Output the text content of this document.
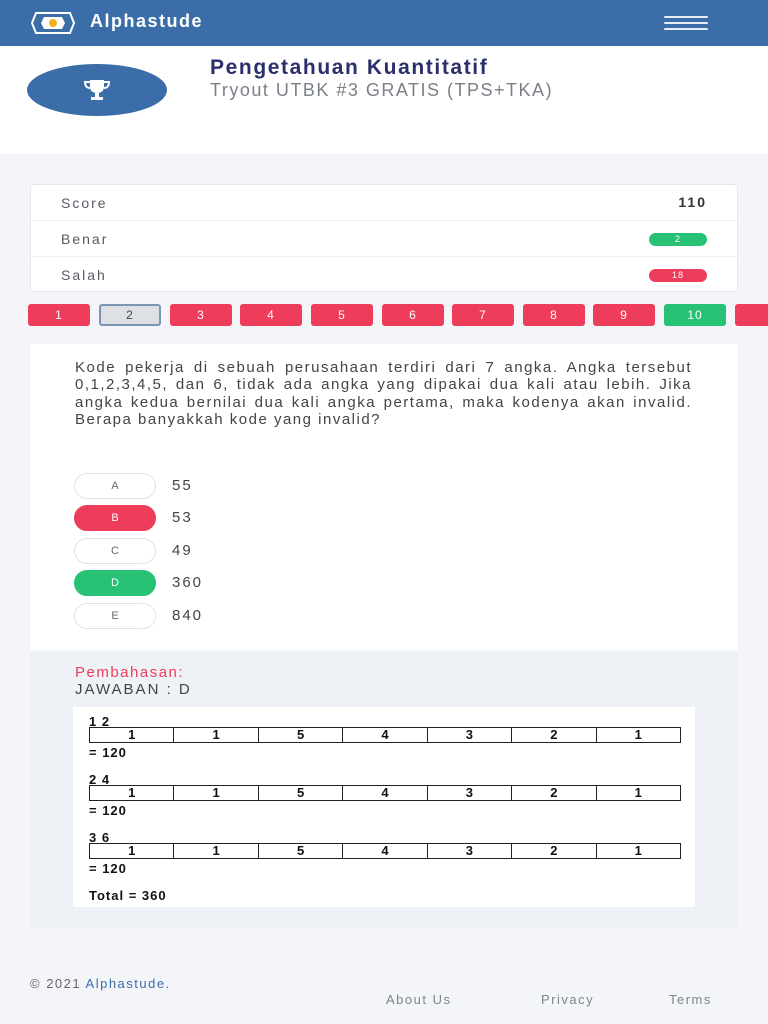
Alphastude
Pengetahuan Kuantitatif
Tryout UTBK #3 GRATIS (TPS+TKA)
Score	110
Benar	2
Salah	18
1	2	3	4	5	6	7	8	9	10
Kode pekerja di sebuah perusahaan terdiri dari 7 angka. Angka tersebut 0,1,2,3,4,5, dan 6, tidak ada angka yang dipakai dua kali atau lebih. Jika angka kedua bernilai dua kali angka pertama, maka kodenya akan invalid. Berapa banyakkah kode yang invalid?
A	55
B	53
C	49
D	360
E	840
Pembahasan:
JAWABAN : D
1 2
1	1	5	4	3	2	1
= 120
2 4
1	1	5	4	3	2	1
= 120
3 6
1	1	5	4	3	2	1
= 120
Total = 360
© 2021 Alphastude.
About Us	Privacy	Terms
